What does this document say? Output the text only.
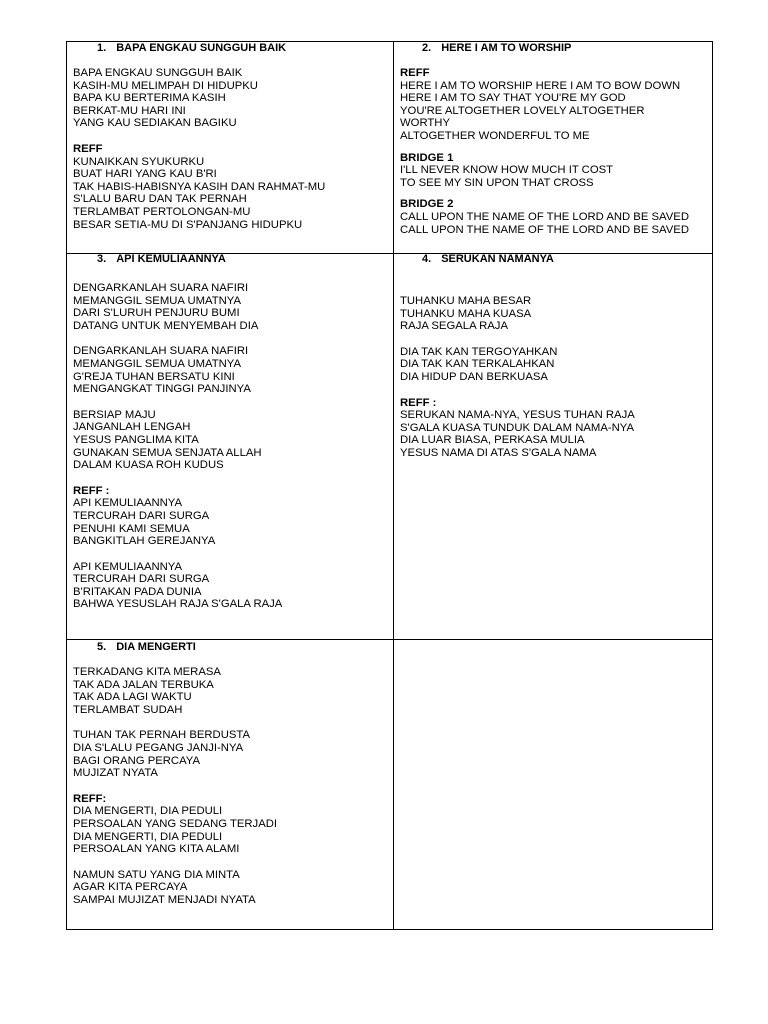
1. BAPA ENGKAU SUNGGUH BAIK
BAPA ENGKAU SUNGGUH BAIK
KASIH-MU MELIMPAH DI HIDUPKU
BAPA KU BERTERIMA KASIH
BERKAT-MU HARI INI
YANG KAU SEDIAKAN BAGIKU
REFF
KUNAIKKAN SYUKURKU
BUAT HARI YANG KAU B'RI
TAK HABIS-HABISNYA KASIH DAN RAHMAT-MU
S'LALU BARU DAN TAK PERNAH
TERLAMBAT PERTOLONGAN-MU
BESAR SETIA-MU DI S'PANJANG HIDUPKU
2. HERE I AM TO WORSHIP
REFF
HERE I AM TO WORSHIP HERE I AM TO BOW DOWN
HERE I AM TO SAY THAT YOU'RE MY GOD
YOU'RE ALTOGETHER LOVELY ALTOGETHER
WORTHY
ALTOGETHER WONDERFUL TO ME
BRIDGE 1
I'LL NEVER KNOW HOW MUCH IT COST
TO SEE MY SIN UPON THAT CROSS
BRIDGE 2
CALL UPON THE NAME OF THE LORD AND BE SAVED
CALL UPON THE NAME OF THE LORD AND BE SAVED
3. API KEMULIAANNYA
DENGARKANLAH SUARA NAFIRI
MEMANGGIL SEMUA UMATNYA
DARI S'LURUH PENJURU BUMI
DATANG UNTUK MENYEMBAH DIA
DENGARKANLAH SUARA NAFIRI
MEMANGGIL SEMUA UMATNYA
G'REJA TUHAN BERSATU KINI
MENGANGKAT TINGGI PANJINYA
BERSIAP MAJU
JANGANLAH LENGAH
YESUS PANGLIMA KITA
GUNAKAN SEMUA SENJATA ALLAH
DALAM KUASA ROH KUDUS
REFF :
API KEMULIAANNYA
TERCURAH DARI SURGA
PENUHI KAMI SEMUA
BANGKITLAH GEREJANYA
API KEMULIAANNYA
TERCURAH DARI SURGA
B'RITAKAN PADA DUNIA
BAHWA YESUSLAH RAJA S'GALA RAJA
4. SERUKAN NAMANYA
TUHANKU MAHA BESAR
TUHANKU MAHA KUASA
RAJA SEGALA RAJA
DIA TAK KAN TERGOYAHKAN
DIA TAK KAN TERKALAHKAN
DIA HIDUP DAN BERKUASA
REFF :
SERUKAN NAMA-NYA, YESUS TUHAN RAJA
S'GALA KUASA TUNDUK DALAM NAMA-NYA
DIA LUAR BIASA, PERKASA MULIA
YESUS NAMA DI ATAS S'GALA NAMA
5. DIA MENGERTI
TERKADANG KITA MERASA
TAK ADA JALAN TERBUKA
TAK ADA LAGI WAKTU
TERLAMBAT SUDAH
TUHAN TAK PERNAH BERDUSTA
DIA S'LALU PEGANG JANJI-NYA
BAGI ORANG PERCAYA
MUJIZAT NYATA
REFF:
DIA MENGERTI, DIA PEDULI
PERSOALAN YANG SEDANG TERJADI
DIA MENGERTI, DIA PEDULI
PERSOALAN YANG KITA ALAMI
NAMUN SATU YANG DIA MINTA
AGAR KITA PERCAYA
SAMPAI MUJIZAT MENJADI NYATA
